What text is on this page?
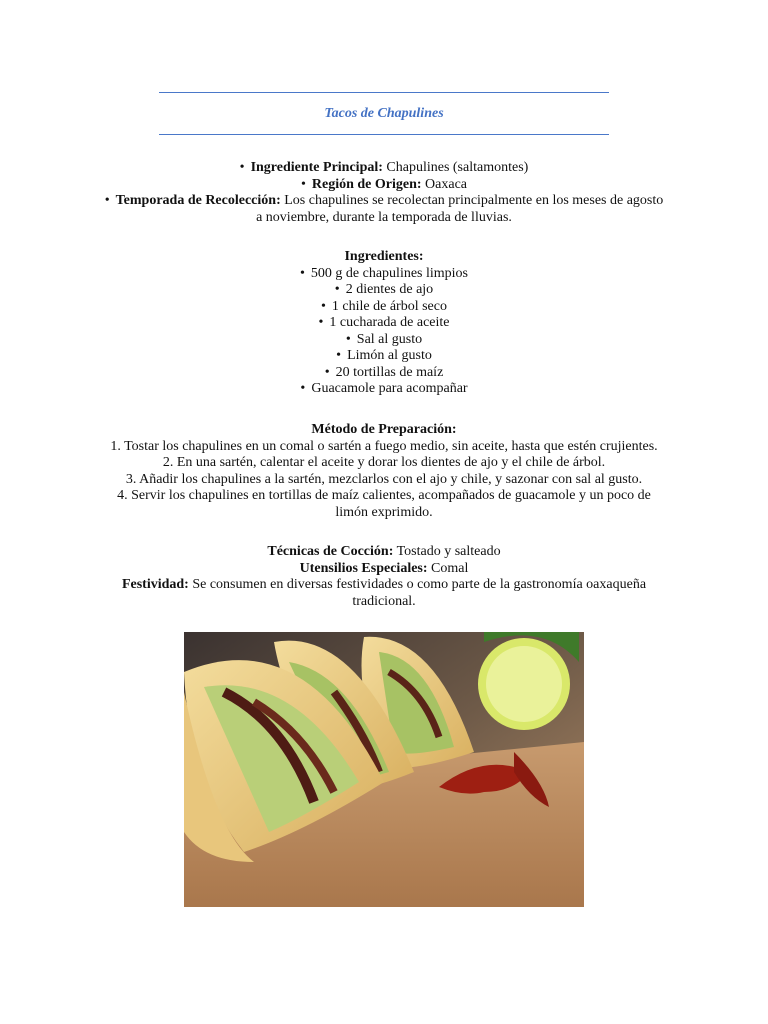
Tacos de Chapulines

• Ingrediente Principal: Chapulines (saltamontes)

• Región de Origen: Oaxaca

• Temporada de Recolección: Los chapulines se recolectan principalmente en los meses de agosto a noviembre, durante la temporada de lluvias.

Ingredientes:

• 500 g de chapulines limpios

• 2 dientes de ajo

• 1 chile de árbol seco

• 1 cucharada de aceite

• Sal al gusto

• Limón al gusto

• 20 tortillas de maíz

• Guacamole para acompañar

Método de Preparación:

1. Tostar los chapulines en un comal o sartén a fuego medio, sin aceite, hasta que estén crujientes.

2. En una sartén, calentar el aceite y dorar los dientes de ajo y el chile de árbol.

3. Añadir los chapulines a la sartén, mezclarlos con el ajo y chile, y sazonar con sal al gusto.

4. Servir los chapulines en tortillas de maíz calientes, acompañados de guacamole y un poco de limón exprimido.

Técnicas de Cocción: Tostado y salteado

Utensilios Especiales: Comal

Festividad: Se consumen en diversas festividades o como parte de la gastronomía oaxaqueña tradicional.
